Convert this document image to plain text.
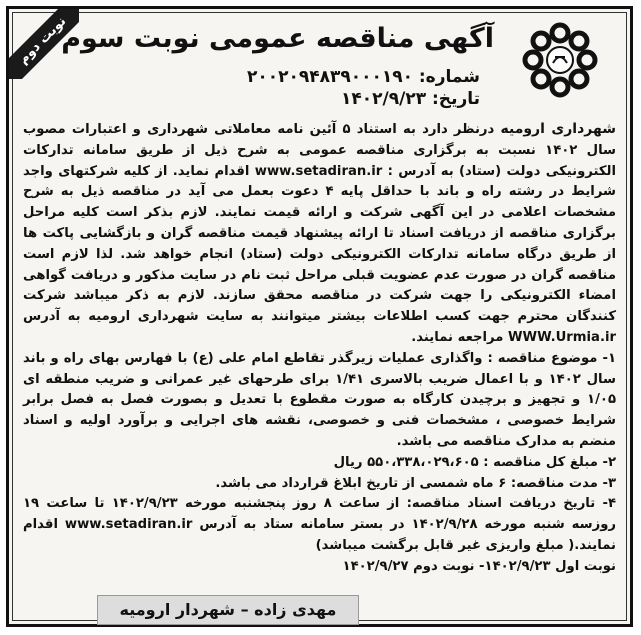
نوبت دوم
آگهی مناقصه عمومی نوبت سوم
شماره: ۲۰۰۲۰۹۴۸۳۹۰۰۰۱۹۰
تاریخ: ۱۴۰۲/۹/۲۳

شهرداری ارومیه درنظر دارد به استناد ۵ آئین نامه معاملاتی شهرداری و اعتبارات مصوب سال ۱۴۰۲ نسبت به برگزاری مناقصه عمومی به شرح ذیل از طریق سامانه تدارکات الکترونیکی دولت (ستاد) به آدرس : www.setadiran.ir اقدام نماید. از کلیه شرکتهای واجد شرایط در رشته راه و باند با حداقل پایه ۴ دعوت بعمل می آید در مناقصه ذیل به شرح مشخصات اعلامی در این آگهی شرکت و ارائه قیمت نمایند. لازم بذکر است کلیه مراحل برگزاری مناقصه از دریافت اسناد تا ارائه پیشنهاد قیمت مناقصه گران و بازگشایی پاکت ها از طریق درگاه سامانه تدارکات الکترونیکی دولت (ستاد) انجام خواهد شد. لذا لازم است مناقصه گران در صورت عدم عضویت قبلی مراحل ثبت نام در سایت مذکور و دریافت گواهی امضاء الکترونیکی را جهت شرکت در مناقصه محقق سازند. لازم به ذکر میباشد شرکت کنندگان محترم جهت کسب اطلاعات بیشتر میتوانند به سایت شهرداری ارومیه به آدرس WWW.Urmia.ir مراجعه نمایند.

۱- موضوع مناقصه : واگذاری عملیات زیرگذر تقاطع امام علی (ع) با فهارس بهای راه و باند سال ۱۴۰۲ و با اعمال ضریب بالاسری ۱/۴۱ برای طرحهای غیر عمرانی و ضریب منطقه ای ۱/۰۵ و تجهیز و برچیدن کارگاه به صورت مقطوع با تعدیل و بصورت فصل به فصل برابر شرایط خصوصی ، مشخصات فنی و خصوصی، نقشه های اجرایی و برآورد اولیه و اسناد منضم به مدارک مناقصه می باشد.

۲- مبلغ کل مناقصه : ۵۵۰،۳۳۸،۰۲۹،۶۰۵ ریال

۳- مدت مناقصه: ۶ ماه شمسی از تاریخ ابلاغ قرارداد می باشد.

۴- تاریخ دریافت اسناد مناقصه: از ساعت ۸ روز پنجشنبه مورخه ۱۴۰۲/۹/۲۳ تا ساعت ۱۹ روزسه شنبه مورخه ۱۴۰۲/۹/۲۸ در بستر سامانه ستاد به آدرس www.setadiran.ir اقدام نمایند.( مبلغ واریزی غیر قابل برگشت میباشد)

نوبت اول ۱۴۰۲/۹/۲۳- نوبت دوم ۱۴۰۲/۹/۲۷

مهدی زاده – شهردار ارومیه
